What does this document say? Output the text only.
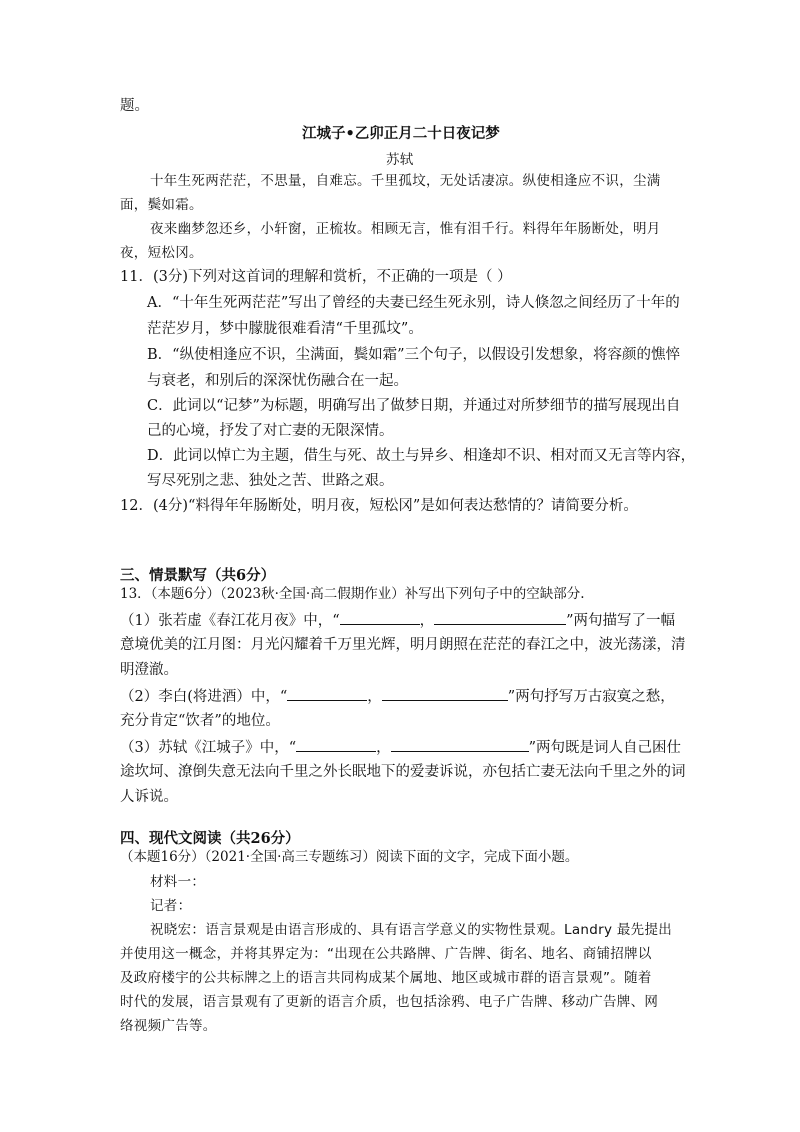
题。
江城子•乙卯正月二十日夜记梦
苏轼
十年生死两茫茫，不思量，自难忘。千里孤坟，无处话凄凉。纵使相逢应不识，尘满
面，鬓如霜。
夜来幽梦忽还乡，小轩窗，正梳妆。相顾无言，惟有泪千行。料得年年肠断处，明月
夜，短松冈。
11．(3分)下列对这首词的理解和赏析，不正确的一项是（ ）
A．“十年生死两茫茫”写出了曾经的夫妻已经生死永别，诗人倏忽之间经历了十年的
茫茫岁月，梦中朦胧很难看清“千里孤坟”。
B．“纵使相逢应不识，尘满面，鬓如霜”三个句子，以假设引发想象，将容颜的憔悴
与衰老，和别后的深深忧伤融合在一起。
C．此词以“记梦”为标题，明确写出了做梦日期，并通过对所梦细节的描写展现出自
己的心境，抒发了对亡妻的无限深情。
D．此词以悼亡为主题，借生与死、故土与异乡、相逢却不识、相对而又无言等内容，
写尽死别之悲、独处之苦、世路之艰。
12．(4分)“料得年年肠断处，明月夜，短松冈”是如何表达愁情的？请简要分析。
三、情景默写（共6分）
13．（本题6分）（2023秋·全国·高二假期作业）补写出下列句子中的空缺部分.
（1）张若虚《春江花月夜》中，“	，	”两句描写了一幅
意境优美的江月图：月光闪耀着千万里光辉，明月朗照在茫茫的春江之中，波光荡漾，清
明澄澈。
（2）李白(将进酒）中，“	，	”两句抒写万古寂寞之愁，
充分肯定“饮者”的地位。
（3）苏轼《江城子》中，“	，	”两句既是词人自己困仕
途坎坷、潦倒失意无法向千里之外长眠地下的爱妻诉说，亦包括亡妻无法向千里之外的词
人诉说。
四、现代文阅读（共26分）
（本题16分）（2021·全国·高三专题练习）阅读下面的文字，完成下面小题。
材料一：
记者：
祝晓宏：语言景观是由语言形成的、具有语言学意义的实物性景观。Landry 最先提出
并使用这一概念，并将其界定为：“出现在公共路牌、广告牌、街名、地名、商铺招牌以
及政府楼宇的公共标牌之上的语言共同构成某个属地、地区或城市群的语言景观”。随着
时代的发展，语言景观有了更新的语言介质，也包括涂鸦、电子广告牌、移动广告牌、网
络视频广告等。
